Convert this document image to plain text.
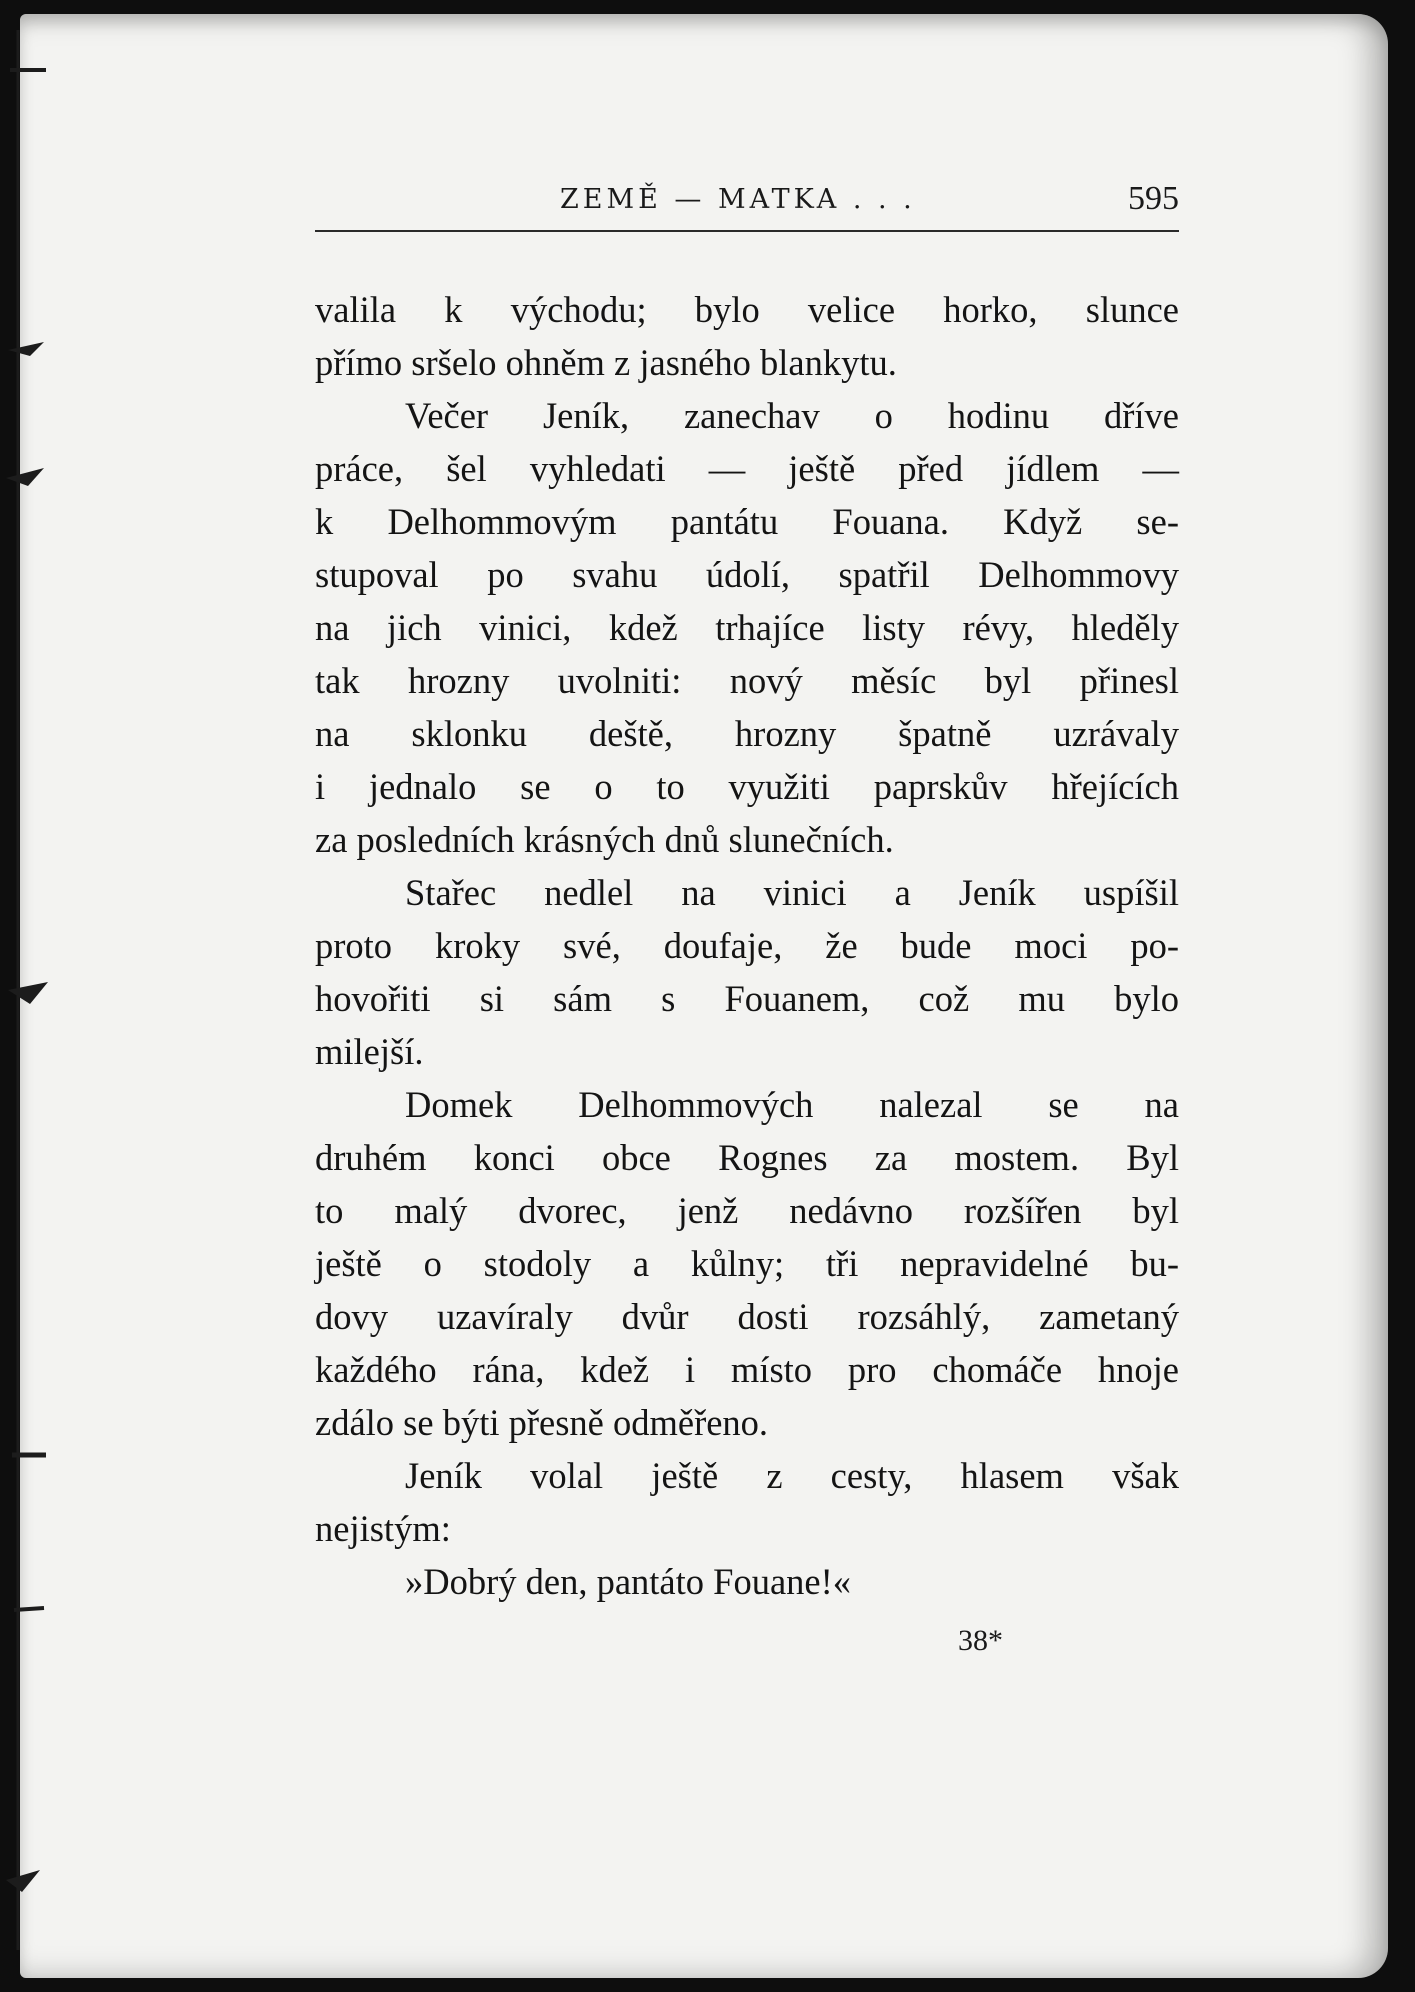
ZEMĚ — MATKA . . .	595
valila k východu; bylo velice horko, slunce
přímo sršelo ohněm z jasného blankytu.
Večer Jeník, zanechav o hodinu dříve
práce, šel vyhledati — ještě před jídlem —
k Delhommovým pantátu Fouana. Když se-
stupoval po svahu údolí, spatřil Delhommovy
na jich vinici, kdež trhajíce listy révy, hleděly
tak hrozny uvolniti: nový měsíc byl přinesl
na sklonku deště, hrozny špatně uzrávaly
i jednalo se o to využiti paprskův hřejících
za posledních krásných dnů slunečních.
Stařec nedlel na vinici a Jeník uspíšil
proto kroky své, doufaje, že bude moci po-
hovořiti si sám s Fouanem, což mu bylo
milejší.
Domek Delhommových nalezal se na
druhém konci obce Rognes za mostem. Byl
to malý dvorec, jenž nedávno rozšířen byl
ještě o stodoly a kůlny; tři nepravidelné bu-
dovy uzavíraly dvůr dosti rozsáhlý, zametaný
každého rána, kdež i místo pro chomáče hnoje
zdálo se býti přesně odměřeno.
Jeník volal ještě z cesty, hlasem však
nejistým:
»Dobrý den, pantáto Fouane!«
38*
